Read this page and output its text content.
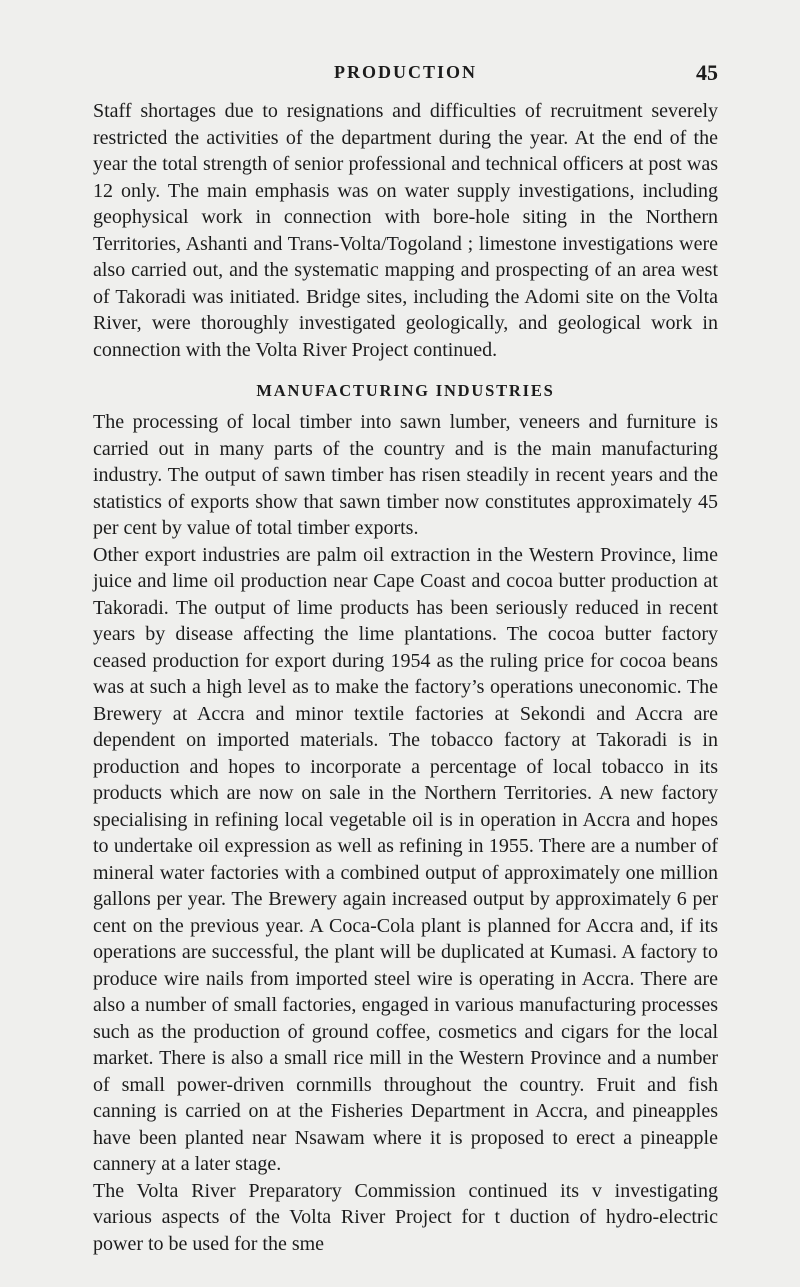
PRODUCTION	45

Staff shortages due to resignations and difficulties of recruitment severely restricted the activities of the department during the year. At the end of the year the total strength of senior professional and technical officers at post was 12 only. The main emphasis was on water supply investigations, including geophysical work in connection with bore-hole siting in the Northern Territories, Ashanti and Trans-Volta/Togoland ; limestone investigations were also carried out, and the systematic mapping and prospecting of an area west of Takoradi was initiated. Bridge sites, including the Adomi site on the Volta River, were thoroughly investigated geologically, and geological work in connection with the Volta River Project continued.

MANUFACTURING INDUSTRIES

The processing of local timber into sawn lumber, veneers and furniture is carried out in many parts of the country and is the main manufacturing industry. The output of sawn timber has risen steadily in recent years and the statistics of exports show that sawn timber now constitutes approximately 45 per cent by value of total timber exports.

Other export industries are palm oil extraction in the Western Province, lime juice and lime oil production near Cape Coast and cocoa butter production at Takoradi. The output of lime products has been seriously reduced in recent years by disease affecting the lime plantations. The cocoa butter factory ceased production for export during 1954 as the ruling price for cocoa beans was at such a high level as to make the factory’s operations uneconomic. The Brewery at Accra and minor textile factories at Sekondi and Accra are dependent on imported materials. The tobacco factory at Takoradi is in production and hopes to incorporate a percentage of local tobacco in its products which are now on sale in the Northern Territories. A new factory specialising in refining local vegetable oil is in operation in Accra and hopes to undertake oil expression as well as refining in 1955. There are a number of mineral water factories with a combined output of approximately one million gallons per year. The Brewery again increased output by approximately 6 per cent on the previous year. A Coca-Cola plant is planned for Accra and, if its operations are successful, the plant will be duplicated at Kumasi. A factory to produce wire nails from imported steel wire is operating in Accra. There are also a number of small factories, engaged in various manufacturing processes such as the production of ground coffee, cosmetics and cigars for the local market. There is also a small rice mill in the Western Province and a number of small power-driven cornmills throughout the country. Fruit and fish canning is carried on at the Fisheries Department in Accra, and pineapples have been planted near Nsawam where it is proposed to erect a pineapple cannery at a later stage.

The Volta River Preparatory Commission continued its v investigating various aspects of the Volta River Project for t duction of hydro-electric power to be used for the sme
